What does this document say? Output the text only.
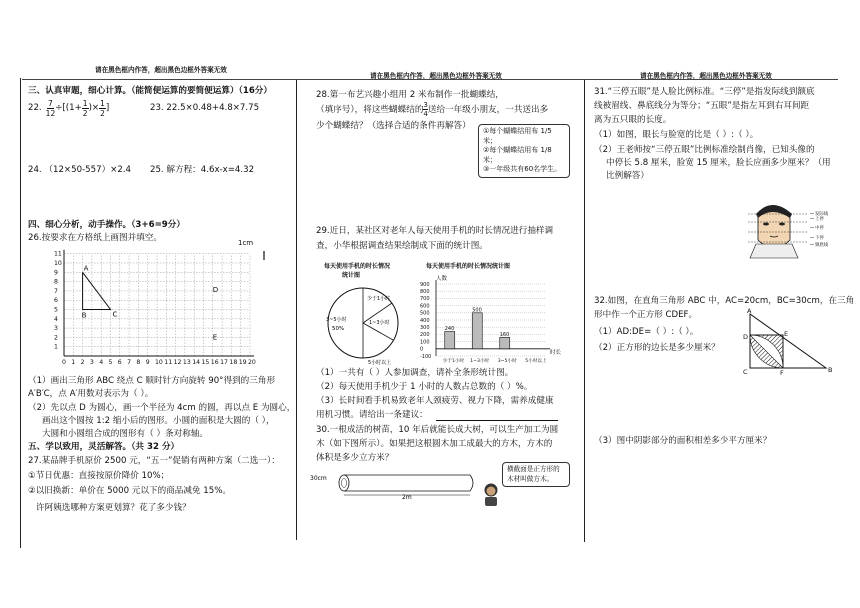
请在黑色框内作答，超出黑色边框外答案无效
请在黑色框内作答，超出黑色边框外答案无效	请在黑色框内作答，超出黑色边框外答案无效
三、认真审题，细心计算。（能简便运算的要简便运算）（16分）
22. $\frac{7}{12} \div[(1+ \frac{1}{2}$ )× $\frac{1}{2}$ ]	23. 22.5×0.48+4.8×7.75
24. （12×50-557）×2.4 25. 解方程：4.6x-x=4.32
四、细心分析，动手操作。（3+6=9分）
26.按要求在方格纸上画图并填空。	1cm
0 1 2 3 4 5 6 7 8 9 10 11 12 13 14 15 16 17 18 19 20
1
2
3
4
5
6
7
8
9
10
11
A
B	C
D
E
（1）画出三角形 ABC 绕点 C 顺时针方向旋转 90°得到的三角形
A′B′C，点 A′用数对表示为（ ）。
（2）先以点 D 为圆心，画一个半径为 4cm 的圆，再以点 E 为圆心，
画出这个圆按 1:2 缩小后的图形。小圆的面积是大圆的（ ），
大圆和小圆组合成的图形有（ ）条对称轴。
五、学以致用，灵活解答。（共 32 分）
27.某品牌手机原价 2500 元，“五一”促销有两种方案（二选一）：
①节日优惠：直接按原价降价 10%；
②以旧换新：单价在 5000 元以下的商品减免 15%。
许阿姨选哪种方案更划算？花了多少钱？
28.第一布艺兴趣小组用 2 米布制作一批蝴蝶结，
（填序号），将这些蝴蝶结的
3
4 送给一年级小朋友，一共送出多
少个蝴蝶结？（选择合适的条件再解答） ①每个蝴蝶结用布 1/5 米；
②每个蝴蝶结用布 1/8 米；
③一年级共有60名学生。
29.近日，某社区对老年人每天使用手机的时长情况进行抽样调
查，小华根据调查结果绘制成下面的统计图。
每天使用手机的时长情况
统计图
少于1小时
1~3小时
3~5小时
50%
5小时以上
每天使用手机的时长情况统计图
-100
0
100
200
300
400
500
600
700
800
900
240
500
160
少于1小时 1~3小时 3~5小时 5小时以上
人数
时长
（1）一共有（ ）人参加调查，请补全条形统计图。
（2）每天使用手机少于 1 小时的人数占总数的（ ）%。
（3）长时间看手机易致老年人颈疲劳、视力下降，需养成健康
用机习惯。请给出一条建议：
30.一根成活的树苗，10 年后就能长成大树，可以生产加工为圆
木（如下图所示）。如果把这根圆木加工成最大的方木，方木的
体积是多少立方米？
30cm
2m
横截面是正方形的木材叫做方木。
31.“三停五眼”是人脸比例标准。“三停”是指发际线到额底
线被眉线、鼻底线分为等分；“五眼”是指左耳到右耳间距
离为五只眼的长度。
（1）如图，眼长与脸宽的比是（ ）:（ ）。
（2）王老师按“三停五眼”比例标准绘制肖像，已知头像的
中停长 5.8 厘米，脸宽 15 厘米，脸长应画多少厘米？（用
比例解答）
发际线
上停
中停
下停
颏底线
32.如图，在直角三角形 ABC 中，AC=20cm，BC=30cm，在三角
形中作一个正方形 CDEF。
（1）AD:DE=（ ）:（ ）。
（2）正方形的边长是多少厘米？
（3）图中阴影部分的面积相差多少平方厘米？
A
D	E
C	F	B
